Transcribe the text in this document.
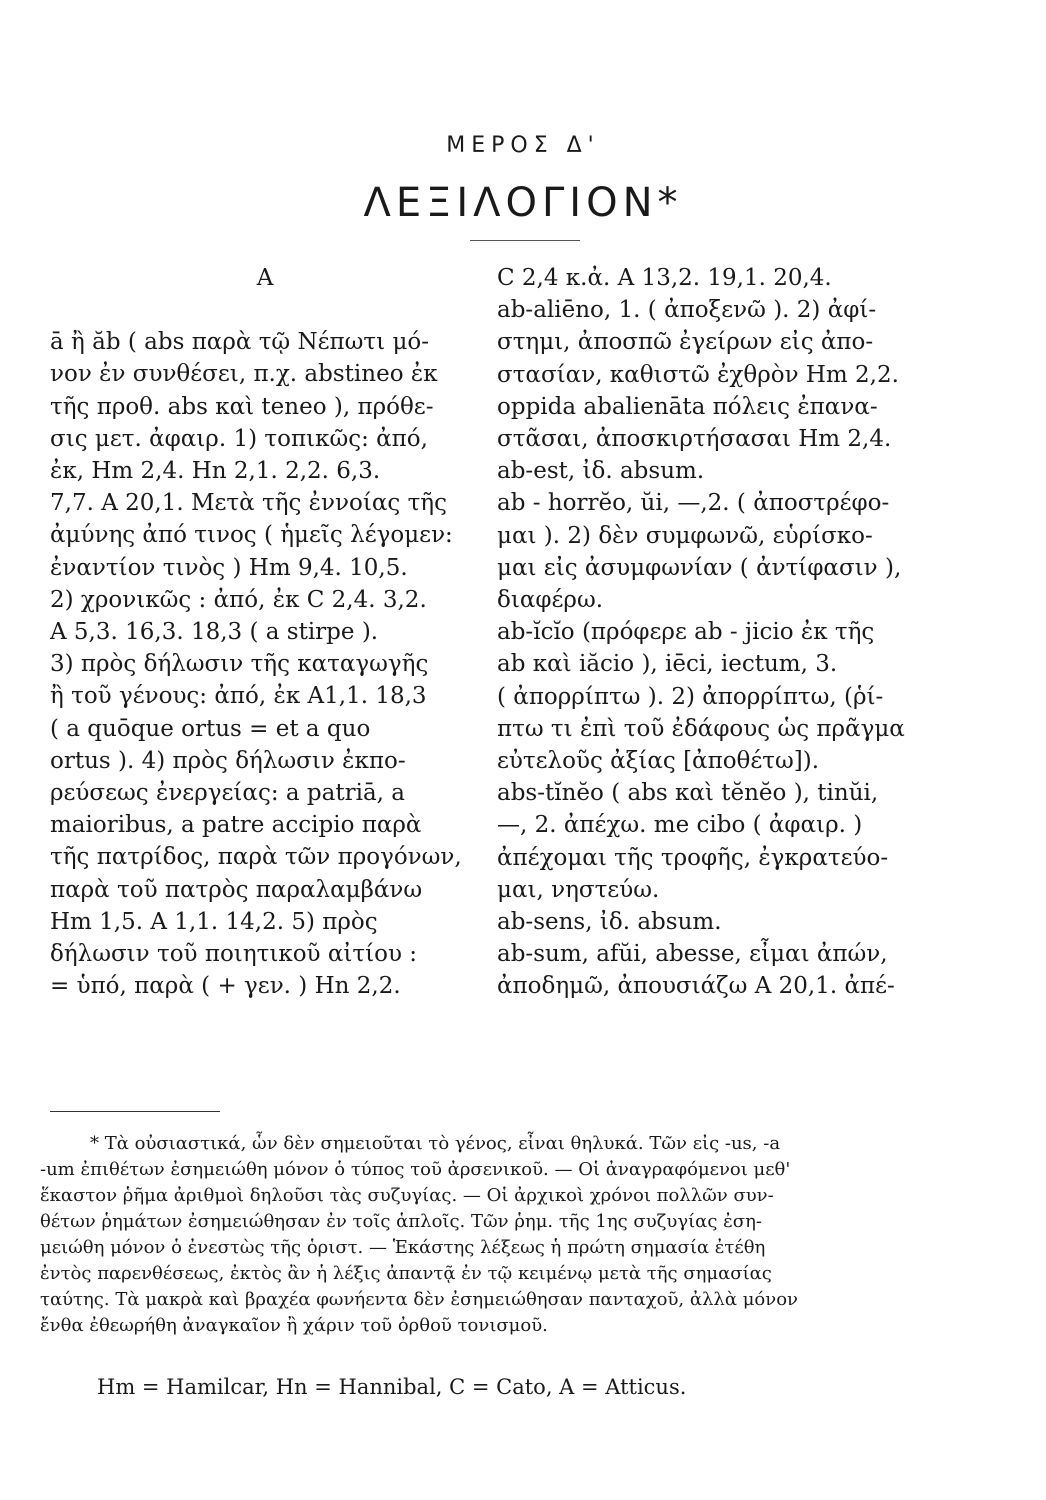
ΜΕΡΟΣ Δ'
ΛΕΞΙΛΟΓΙΟΝ*
A
ā ἢ ăb ( abs παρὰ τῷ Νέπωτι μό-
νον ἐν συνθέσει, π.χ. abstineo ἐκ
τῆς προθ. abs καὶ teneo ), πρόθε-
σις μετ. ἀφαιρ. 1) τοπικῶς: ἀπό,
ἐκ, Hm 2,4. Hn 2,1. 2,2. 6,3.
7,7. A 20,1. Μετὰ τῆς ἐννοίας τῆς
ἀμύνης ἀπό τινος ( ἡμεῖς λέγομεν:
ἐναντίον τινὸς ) Hm 9,4. 10,5.
2) χρονικῶς : ἀπό, ἐκ C 2,4. 3,2.
A 5,3. 16,3. 18,3 ( a stirpe ).
3) πρὸς δήλωσιν τῆς καταγωγῆς
ἢ τοῦ γένους: ἀπό, ἐκ A1,1. 18,3
( a quōque ortus = et a quo
ortus ). 4) πρὸς δήλωσιν ἐκπο-
ρεύσεως ἐνεργείας: a patriā, a
maioribus, a patre accipio παρὰ
τῆς πατρίδος, παρὰ τῶν προγόνων,
παρὰ τοῦ πατρὸς παραλαμβάνω
Hm 1,5. A 1,1. 14,2. 5) πρὸς
δήλωσιν τοῦ ποιητικοῦ αἰτίου :
= ὑπό, παρὰ ( + γεν. ) Hn 2,2.
C 2,4 κ.ἀ. A 13,2. 19,1. 20,4.
ab-aliēno, 1. ( ἀποξενῶ ). 2) ἀφί-
στημι, ἀποσπῶ ἐγείρων εἰς ἀπο-
στασίαν, καθιστῶ ἐχθρὸν Hm 2,2.
oppida abalienāta πόλεις ἐπανα-
στᾶσαι, ἀποσκιρτήσασαι Hm 2,4.
ab-est, ἰδ. absum.
ab - horrĕo, ŭi, —,2. ( ἀποστρέφο-
μαι ). 2) δὲν συμφωνῶ, εὑρίσκο-
μαι εἰς ἀσυμφωνίαν ( ἀντίφασιν ),
διαφέρω.
ab-ĭcĭo (πρόφερε ab - jicio ἐκ τῆς
ab καὶ iăcio ), iēci, iectum, 3.
( ἀπορρίπτω ). 2) ἀπορρίπτω, (ῥί-
πτω τι ἐπὶ τοῦ ἐδάφους ὡς πρᾶγμα
εὐτελοῦς ἀξίας [ἀποθέτω]).
abs-tĭnĕo ( abs καὶ tĕnĕo ), tinŭi,
—, 2. ἀπέχω. me cibo ( ἀφαιρ. )
ἀπέχομαι τῆς τροφῆς, ἐγκρατεύο-
μαι, νηστεύω.
ab-sens, ἰδ. absum.
ab-sum, afŭi, abesse, εἶμαι ἀπών,
ἀποδημῶ, ἀπουσιάζω A 20,1. ἀπέ-
* Τὰ οὐσιαστικά, ὧν δὲν σημειοῦται τὸ γένος, εἶναι θηλυκά. Τῶν εἰς -us, -a
-um ἐπιθέτων ἐσημειώθη μόνον ὁ τύπος τοῦ ἀρσενικοῦ. — Οἱ ἀναγραφόμενοι μεθ'
ἕκαστον ῥῆμα ἀριθμοὶ δηλοῦσι τὰς συζυγίας. — Οἱ ἀρχικοὶ χρόνοι πολλῶν συν-
θέτων ῥημάτων ἐσημειώθησαν ἐν τοῖς ἁπλοῖς. Τῶν ῥημ. τῆς 1ης συζυγίας ἐση-
μειώθη μόνον ὁ ἐνεστὼς τῆς ὁριστ. — Ἑκάστης λέξεως ἡ πρώτη σημασία ἐτέθη
ἐντὸς παρενθέσεως, ἐκτὸς ἂν ἡ λέξις ἀπαντᾷ ἐν τῷ κειμένῳ μετὰ τῆς σημασίας
ταύτης. Τὰ μακρὰ καὶ βραχέα φωνήεντα δὲν ἐσημειώθησαν πανταχοῦ, ἀλλὰ μόνον
ἔνθα ἐθεωρήθη ἀναγκαῖον ἢ χάριν τοῦ ὀρθοῦ τονισμοῦ.
Hm = Hamilcar, Hn = Hannibal, C = Cato, A = Atticus.
